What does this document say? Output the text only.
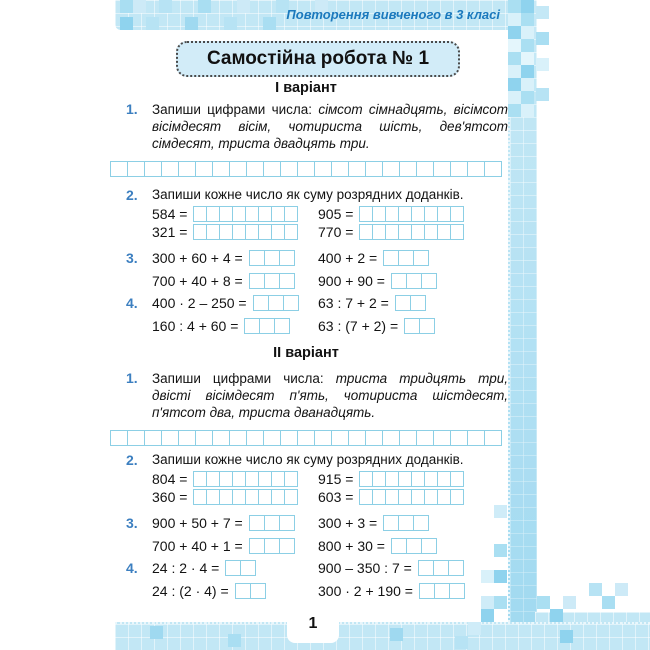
1
Повторення вивченого в 3 класі
Самостійна робота № 1
І варіант
1. Запиши цифрами числа: сімсот сімнадцять, вісімсот вісімдесят вісім, чотириста шість, дев'ятсот сімдесят, триста двадцять три.
2. Запиши кожне число як суму розрядних доданків.
584 =	905 =
321 =	770 =
3. 300 + 60 + 4 =	400 + 2 =
700 + 40 + 8 =	900 + 90 =
4. 400 · 2 – 250 =	63 : 7 + 2 =
160 : 4 + 60 =	63 : (7 + 2) =
ІІ варіант
1. Запиши цифрами числа: триста тридцять три, двісті вісімдесят п'ять, чотириста шістдесят, п'ятсот два, триста дванадцять.
2. Запиши кожне число як суму розрядних доданків.
804 =	915 =
360 =	603 =
3. 900 + 50 + 7 =	300 + 3 =
700 + 40 + 1 =	800 + 30 =
4. 24 : 2 · 4 =	900 – 350 : 7 =
24 : (2 · 4) =	300 · 2 + 190 =
